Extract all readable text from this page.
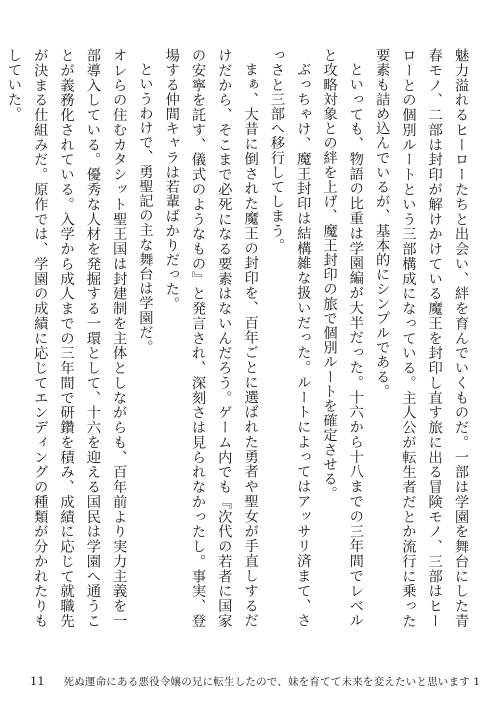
魅力溢れるヒーローたちと出会い、絆を育んでいくものだ。一部は学園を舞台にした青春モノ、二部は封印が解けかけている魔王を封印し直す旅に出る冒険モノ、三部はヒーローとの個別ルートという三部構成になっている。主人公が転生者だとか流行に乗った要素も詰め込んでいるが、基本的にシンプルである。

といっても、物語の比重は学園編が大半だった。十六から十八までの三年間でレベルと攻略対象との絆を上げ、魔王封印の旅で個別ルートを確定させる。

ぶっちゃけ、魔王封印は結構雑な扱いだった。ルートによってはアッサリ済まて、さっさと三部へ移行してしまう。

まぁ、大昔に倒された魔王の封印を、百年ごとに選ばれた勇者や聖女が手直しするだけだから、そこまで必死になる要素はないんだろう。ゲーム内でも『次代の若者に国家の安寧を託す、儀式のようなもの』と発言され、深刻さは見られなかったし。事実、登場する仲間キャラは若輩ばかりだった。

というわけで、勇聖記の主な舞台は学園だ。

オレらの住むカタシット聖王国は封建制を主体としながらも、百年前より実力主義を一部導入している。優秀な人材を発掘する一環として、十六を迎える国民は学園へ通うことが義務化されている。入学から成人までの三年間で研鑽を積み、成績に応じて就職先が決まる仕組みだ。原作では、学園の成績に応じてエンディングの種類が分かれたりもしていた。

11 死ぬ運命にある悪役令嬢の兄に転生したので、妹を育てて未来を変えたいと思います 1
